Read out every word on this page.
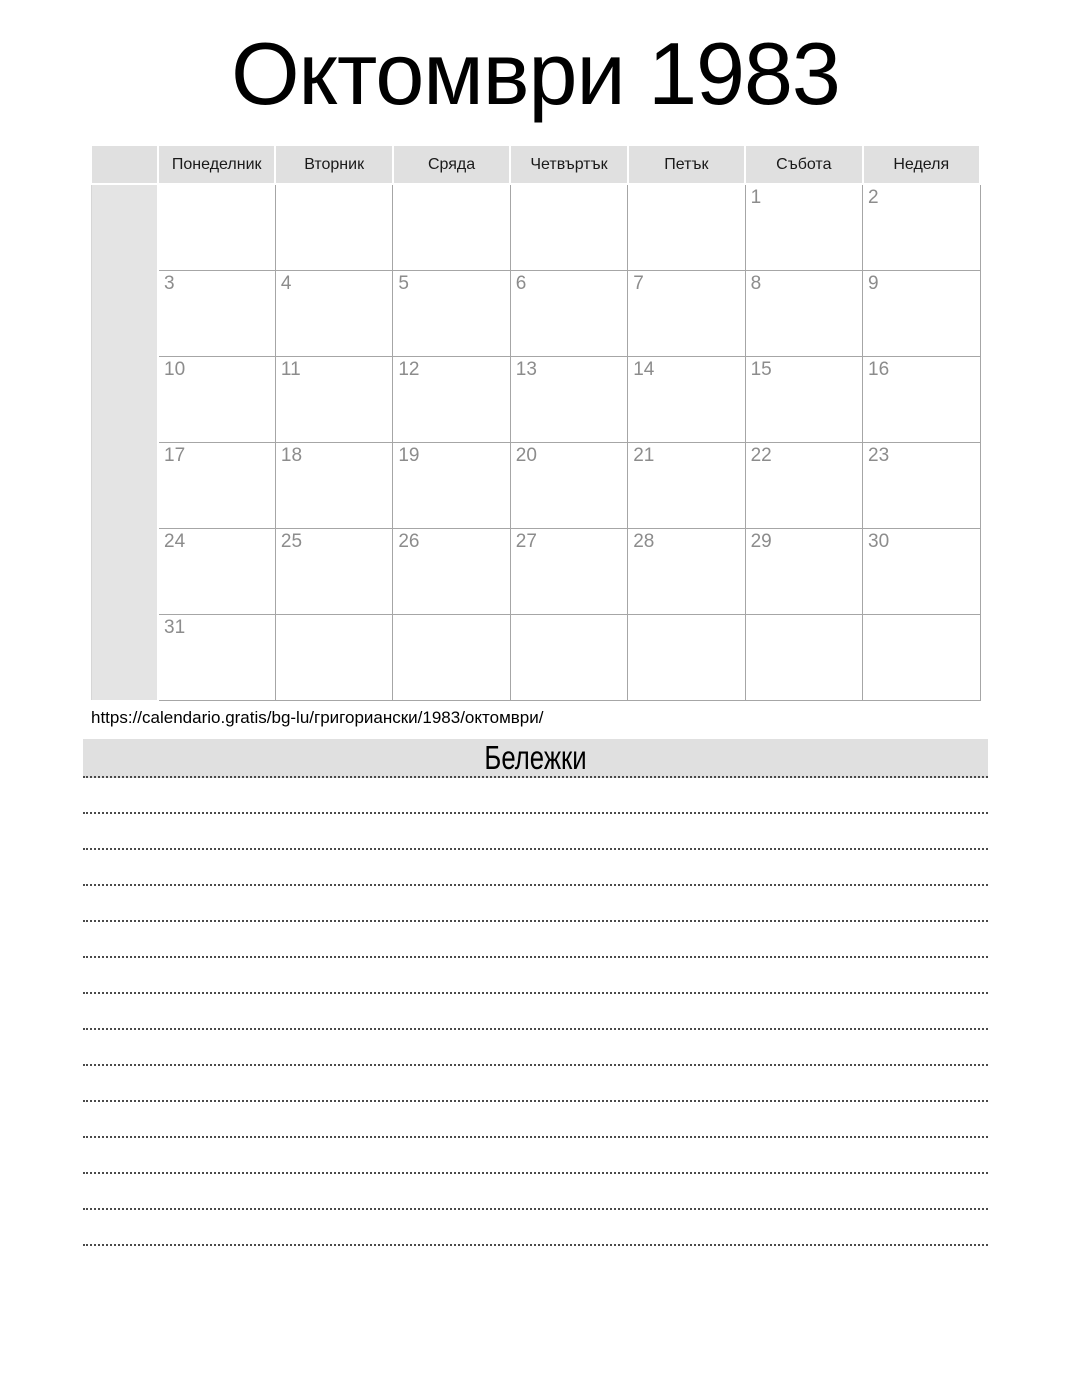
Октомври 1983
	Понеделник	Вторник	Сряда	Четвъртък	Петък	Събота	Неделя
						1	2
	3	4	5	6	7	8	9
	10	11	12	13	14	15	16
	17	18	19	20	21	22	23
	24	25	26	27	28	29	30
	31						
https://calendario.gratis/bg-lu/григориански/1983/октомври/
Бележки
